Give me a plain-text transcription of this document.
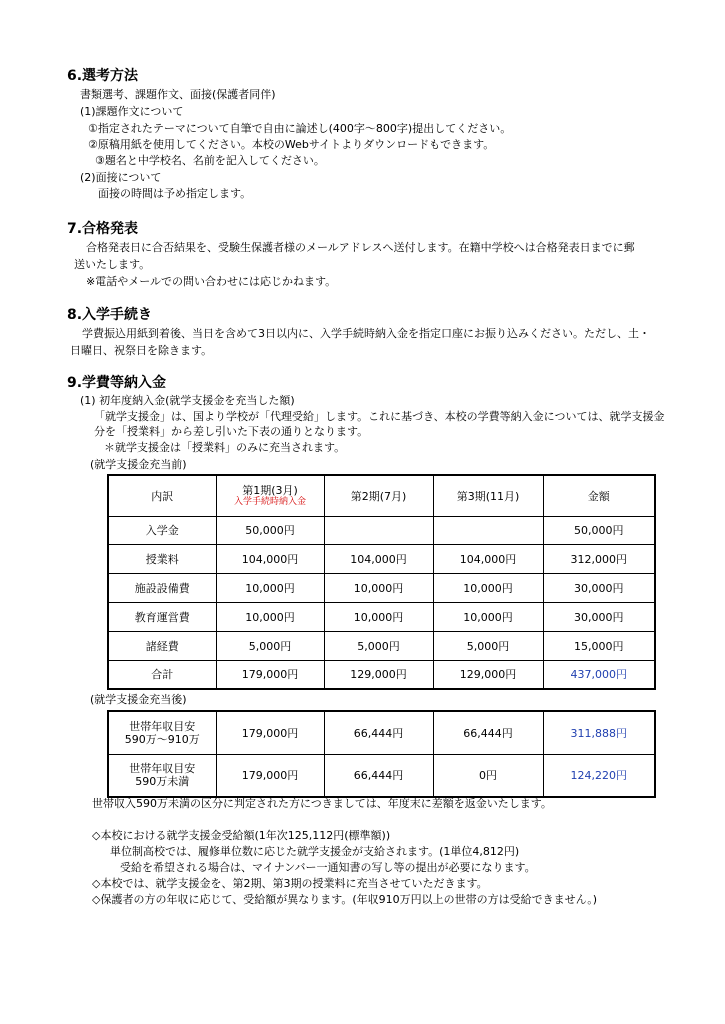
6.選考方法
書類選考、課題作文、面接(保護者同伴)
(1)課題作文について
①指定されたテーマについて自筆で自由に論述し(400字～800字)提出してください。
②原稿用紙を使用してください。本校のWebサイトよりダウンロードもできます。
③題名と中学校名、名前を記入してください。
(2)面接について
面接の時間は予め指定します。
7.合格発表
合格発表日に合否結果を、受験生保護者様のメールアドレスへ送付します。在籍中学校へは合格発表日までに郵
送いたします。
※電話やメールでの問い合わせには応じかねます。
8.入学手続き
学費振込用紙到着後、当日を含めて3日以内に、入学手続時納入金を指定口座にお振り込みください。ただし、土・
日曜日、祝祭日を除きます。
9.学費等納入金
(1) 初年度納入金(就学支援金を充当した額)
「就学支援金」は、国より学校が「代理受給」します。これに基づき、本校の学費等納入金については、就学支援金
分を「授業料」から差し引いた下表の通りとなります。
＊就学支援金は「授業料」のみに充当されます。
(就学支援金充当前)
内訳	第1期(3月)
入学手続時納入金	第2期(7月)	第3期(11月)	金額
入学金	50,000円			50,000円
授業料	104,000円	104,000円	104,000円	312,000円
施設設備費	10,000円	10,000円	10,000円	30,000円
教育運営費	10,000円	10,000円	10,000円	30,000円
諸経費	5,000円	5,000円	5,000円	15,000円
合計	179,000円	129,000円	129,000円	437,000円
(就学支援金充当後)
世帯年収目安
590万～910万	179,000円	66,444円	66,444円	311,888円

世帯年収目安
590万未満	179,000円	66,444円	0円	124,220円
世帯収入590万未満の区分に判定された方につきましては、年度末に差額を返金いたします。
◇本校における就学支援金受給額(1年次125,112円(標準額))
単位制高校では、履修単位数に応じた就学支援金が支給されます。(1単位4,812円)
受給を希望される場合は、マイナンバー一通知書の写し等の提出が必要になります。
◇本校では、就学支援金を、第2期、第3期の授業料に充当させていただきます。
◇保護者の方の年収に応じて、受給額が異なります。(年収910万円以上の世帯の方は受給できません。)
